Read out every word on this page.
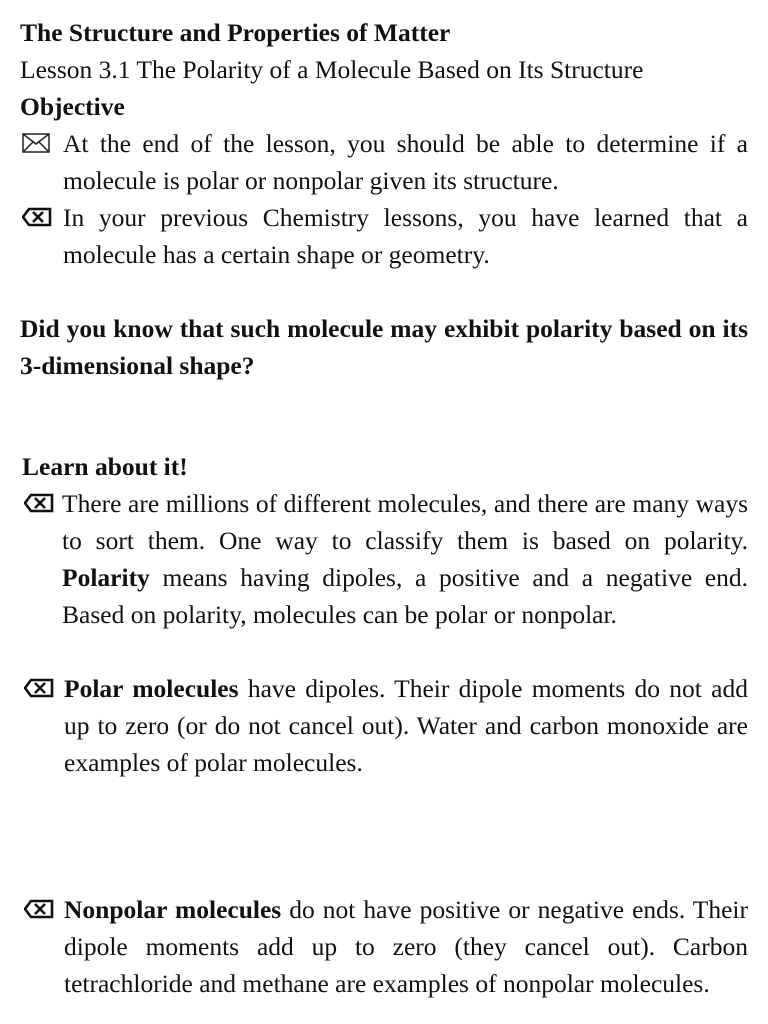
The Structure and Properties of Matter

Lesson 3.1 The Polarity of a Molecule Based on Its Structure

Objective

At the end of the lesson, you should be able to determine if a molecule is polar or nonpolar given its structure.

In your previous Chemistry lessons, you have learned that a molecule has a certain shape or geometry.

Did you know that such molecule may exhibit polarity based on its 3-dimensional shape?

Learn about it!

There are millions of different molecules, and there are many ways to sort them. One way to classify them is based on polarity. Polarity means having dipoles, a positive and a negative end. Based on polarity, molecules can be polar or nonpolar.

Polar molecules have dipoles. Their dipole moments do not add up to zero (or do not cancel out). Water and carbon monoxide are examples of polar molecules.

Nonpolar molecules do not have positive or negative ends. Their dipole moments add up to zero (they cancel out). Carbon tetrachloride and methane are examples of nonpolar molecules.
